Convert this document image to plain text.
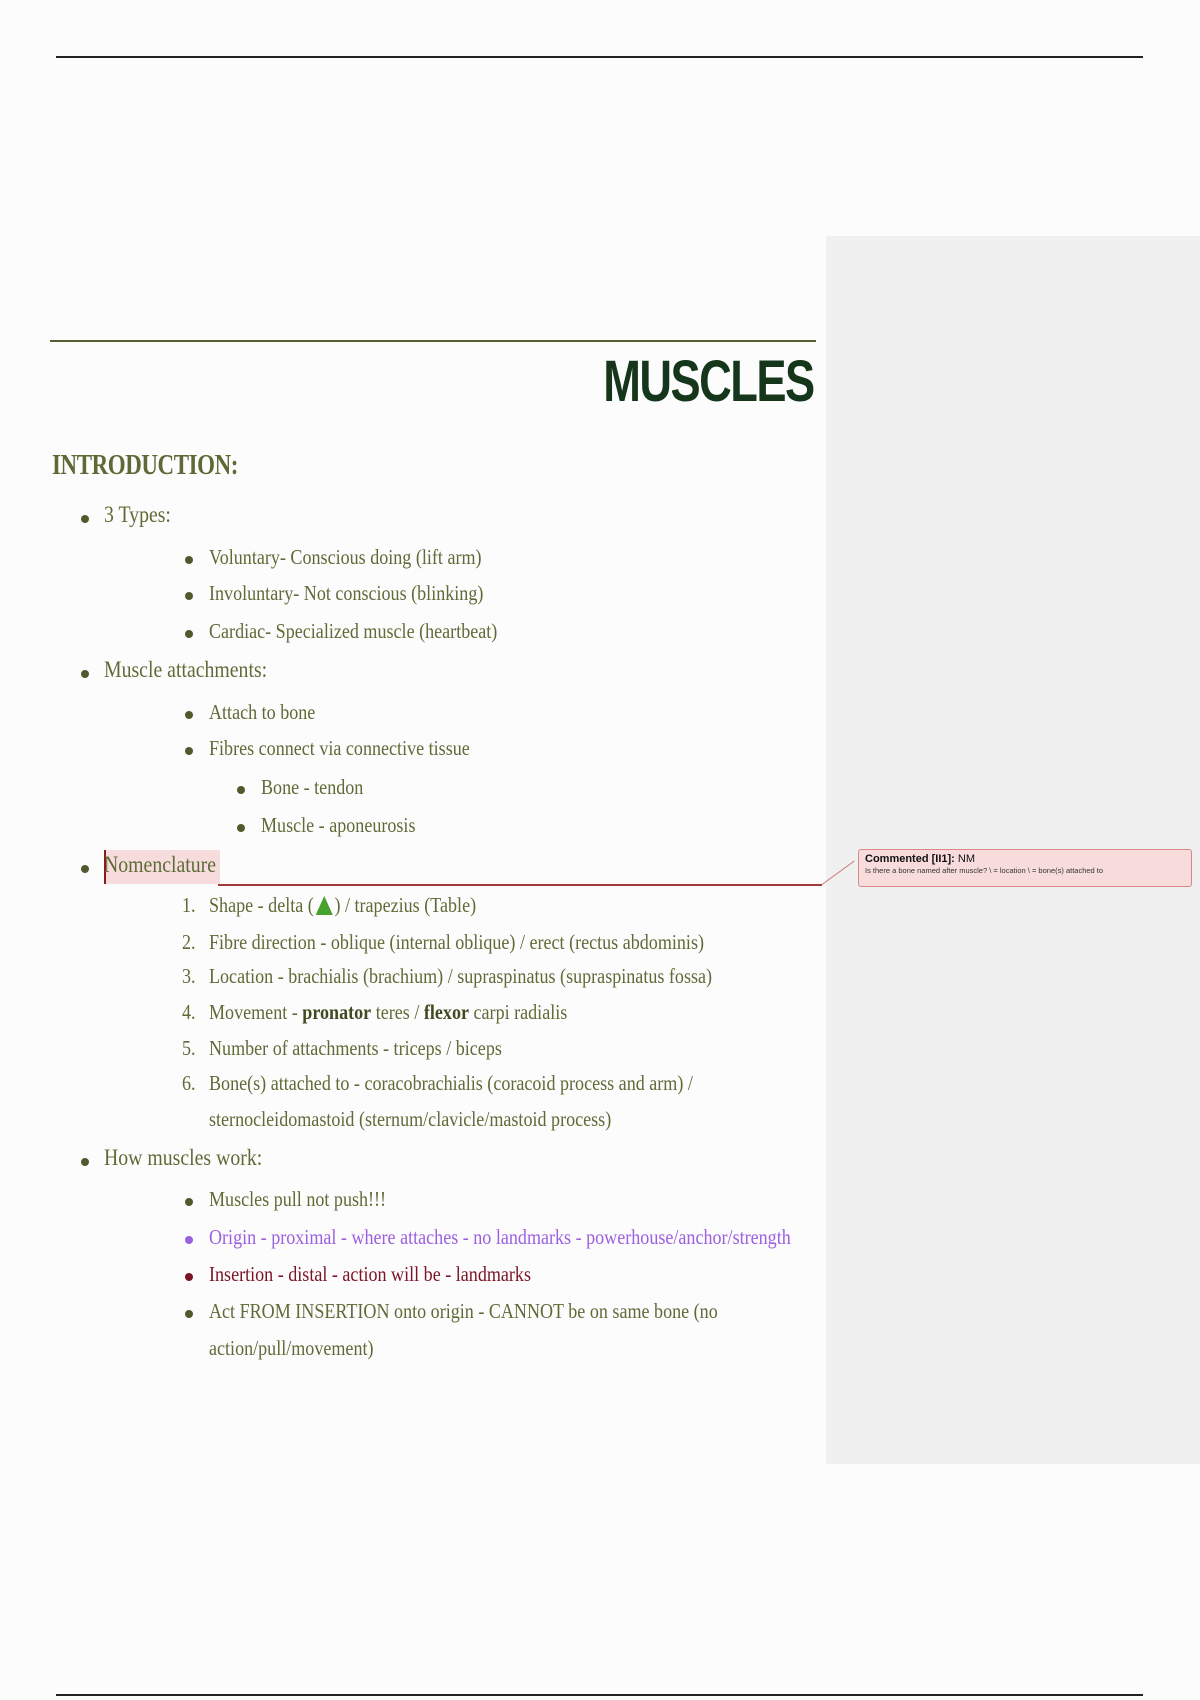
MUSCLES
INTRODUCTION:
3 Types:
Voluntary- Conscious doing (lift arm)
Involuntary- Not conscious (blinking)
Cardiac- Specialized muscle (heartbeat)
Muscle attachments:
Attach to bone
Fibres connect via connective tissue
Bone - tendon
Muscle - aponeurosis
Nomenclature	Commented [II1]: NM
Is there a bone named after muscle? \ = location \ = bone(s) attached to
1. Shape - delta ( ) / trapezius (Table)
2. Fibre direction - oblique (internal oblique) / erect (rectus abdominis)
3. Location - brachialis (brachium) / supraspinatus (supraspinatus fossa)
4. Movement - pronator teres / flexor carpi radialis
5. Number of attachments - triceps / biceps
6. Bone(s) attached to - coracobrachialis (coracoid process and arm) /
sternocleidomastoid (sternum/clavicle/mastoid process)
How muscles work:
Muscles pull not push!!!
Origin - proximal - where attaches - no landmarks - powerhouse/anchor/strength
Insertion - distal - action will be - landmarks
Act FROM INSERTION onto origin - CANNOT be on same bone (no
action/pull/movement)
